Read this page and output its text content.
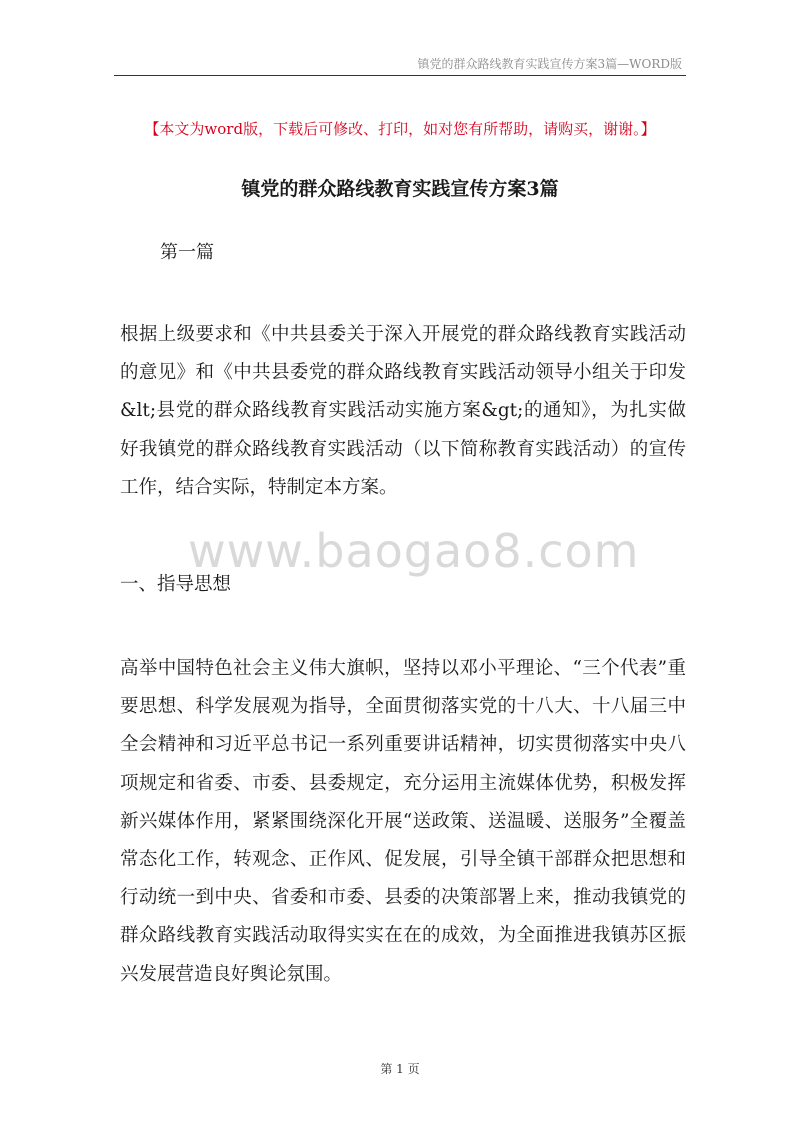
镇党的群众路线教育实践宣传方案3篇—WORD版
【本文为word版，下载后可修改、打印，如对您有所帮助，请购买，谢谢。】
镇党的群众路线教育实践宣传方案3篇
第一篇

根据上级要求和《中共县委关于深入开展党的群众路线教育实践活动的意见》和《中共县委党的群众路线教育实践活动领导小组关于印发&lt;县党的群众路线教育实践活动实施方案&gt;的通知》，为扎实做好我镇党的群众路线教育实践活动（以下简称教育实践活动）的宣传工作，结合实际，特制定本方案。

www.baogao8.com
一、指导思想

高举中国特色社会主义伟大旗帜，坚持以邓小平理论、“三个代表”重要思想、科学发展观为指导，全面贯彻落实党的十八大、十八届三中全会精神和习近平总书记一系列重要讲话精神，切实贯彻落实中央八项规定和省委、市委、县委规定，充分运用主流媒体优势，积极发挥新兴媒体作用，紧紧围绕深化开展“送政策、送温暖、送服务”全覆盖常态化工作，转观念、正作风、促发展，引导全镇干部群众把思想和行动统一到中央、省委和市委、县委的决策部署上来，推动我镇党的群众路线教育实践活动取得实实在在的成效，为全面推进我镇苏区振兴发展营造良好舆论氛围。

第 1 页
